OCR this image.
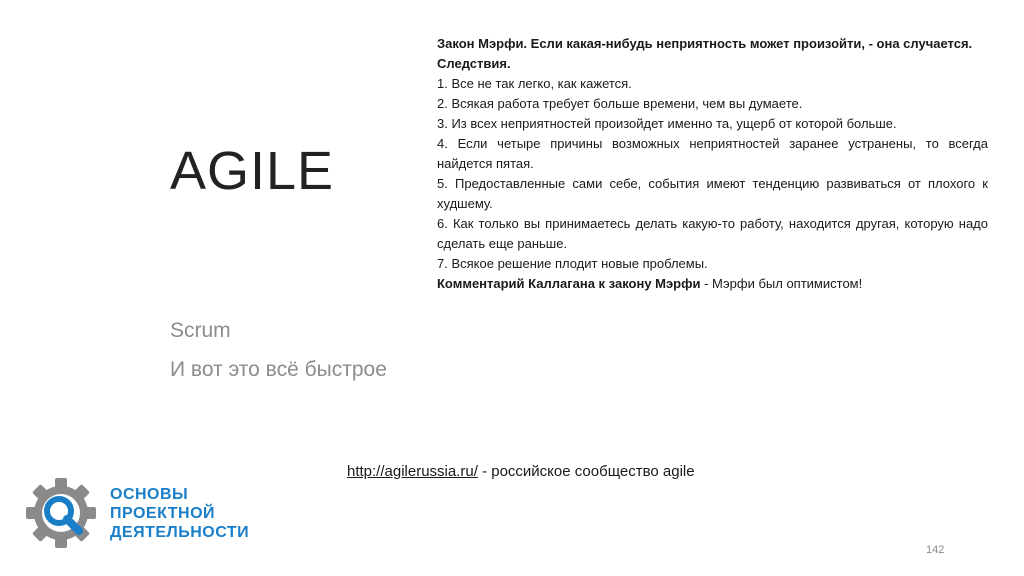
AGILE
Scrum
И вот это всё быстрое

Закон Мэрфи. Если какая-нибудь неприятность может произойти, - она случается.

Следствия.

1. Все не так легко, как кажется.

2. Всякая работа требует больше времени, чем вы думаете.

3. Из всех неприятностей произойдет именно та, ущерб от которой больше.

4. Если четыре причины возможных неприятностей заранее устранены, то всегда найдется пятая.

5. Предоставленные сами себе, события имеют тенденцию развиваться от плохого к худшему.

6. Как только вы принимаетесь делать какую-то работу, находится другая, которую надо сделать еще раньше.

7. Всякое решение плодит новые проблемы.

Комментарий Каллагана к закону Мэрфи - Мэрфи был оптимистом!

http://agilerussia.ru/ - российское сообщество agile
ОСНОВЫ
ПРОЕКТНОЙ
ДЕЯТЕЛЬНОСТИ
142
